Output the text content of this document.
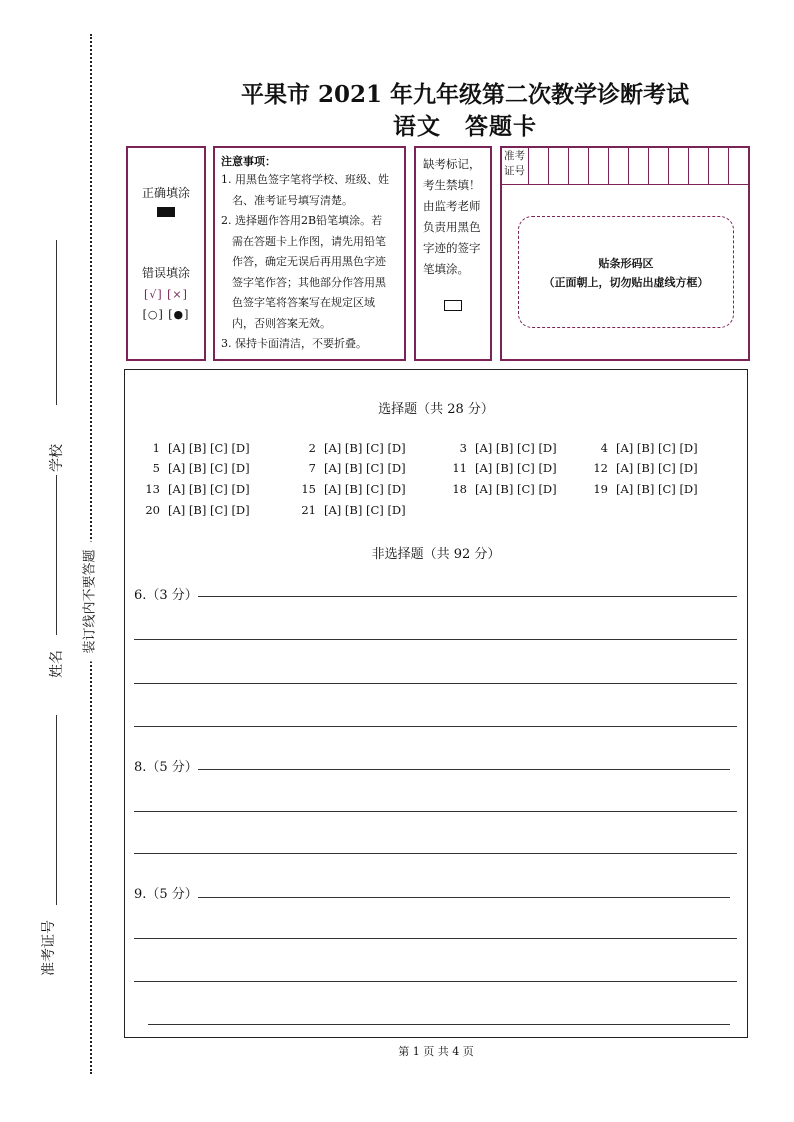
学校
姓名
准考证号
装订线内不要答题
平果市 2021 年九年级第二次教学诊断考试
语文　答题卡
正确填涂
错误填涂
[√] [×]
[○] [●]
注意事项：
1. 用黑色签字笔将学校、班级、姓
　名、准考证号填写清楚。
2. 选择题作答用2B铅笔填涂。若
　需在答题卡上作图，请先用铅笔
　作答，确定无误后再用黑色字迹
　签字笔作答；其他部分作答用黑
　色签字笔将答案写在规定区域
　内，否则答案无效。
3. 保持卡面清洁，不要折叠。
缺考标记，
考生禁填！
由监考老师
负责用黑色
字迹的签字
笔填涂。
准考
证号
贴条形码区
（正面朝上，切勿贴出虚线方框）
选择题（共 28 分）
1 [A] [B] [C] [D]	2 [A] [B] [C] [D]	3 [A] [B] [C] [D]	4 [A] [B] [C] [D]
5 [A] [B] [C] [D]	7 [A] [B] [C] [D]	11 [A] [B] [C] [D]	12 [A] [B] [C] [D]
13 [A] [B] [C] [D]	15 [A] [B] [C] [D]	18 [A] [B] [C] [D]	19 [A] [B] [C] [D]
20 [A] [B] [C] [D]	21 [A] [B] [C] [D]
非选择题（共 92 分）
6.（3 分）
8.（5 分）
9.（5 分）
第 1 页 共 4 页
